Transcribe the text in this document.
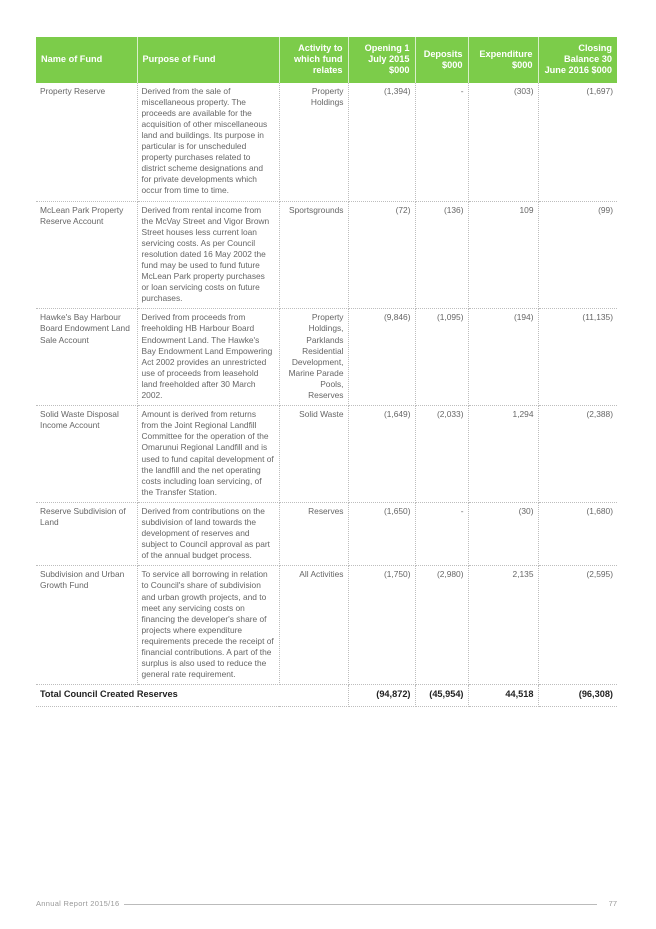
Name of Fund	Purpose of Fund	Activity to which fund relates	Opening 1 July 2015 $000	Deposits $000	Expenditure $000	Closing Balance 30 June 2016 $000
Property Reserve	Derived from the sale of miscellaneous property. The proceeds are available for the acquisition of other miscellaneous land and buildings. Its purpose in particular is for unscheduled property purchases related to district scheme designations and for private developments which occur from time to time.	Property Holdings	(1,394)	-	(303)	(1,697)
McLean Park Property Reserve Account	Derived from rental income from the McVay Street and Vigor Brown Street houses less current loan servicing costs. As per Council resolution dated 16 May 2002 the fund may be used to fund future McLean Park property purchases or loan servicing costs on future purchases.	Sportsgrounds	(72)	(136)	109	(99)
Hawke's Bay Harbour Board Endowment Land Sale Account	Derived from proceeds from freeholding HB Harbour Board Endowment Land. The Hawke's Bay Endowment Land Empowering Act 2002 provides an unrestricted use of proceeds from leasehold land freeholded after 30 March 2002.	Property Holdings, Parklands Residential Development, Marine Parade Pools, Reserves	(9,846)	(1,095)	(194)	(11,135)
Solid Waste Disposal Income Account	Amount is derived from returns from the Joint Regional Landfill Committee for the operation of the Omarunui Regional Landfill and is used to fund capital development of the landfill and the net operating costs including loan servicing, of the Transfer Station.	Solid Waste	(1,649)	(2,033)	1,294	(2,388)
Reserve Subdivision of Land	Derived from contributions on the subdivision of land towards the development of reserves and subject to Council approval as part of the annual budget process.	Reserves	(1,650)	-	(30)	(1,680)
Subdivision and Urban Growth Fund	To service all borrowing in relation to Council's share of subdivision and urban growth projects, and to meet any servicing costs on financing the developer's share of projects where expenditure requirements precede the receipt of financial contributions. A part of the surplus is also used to reduce the general rate requirement.	All Activities	(1,750)	(2,980)	2,135	(2,595)
Total Council Created Reserves			(94,872)	(45,954)	44,518	(96,308)
Annual Report 2015/16	77
